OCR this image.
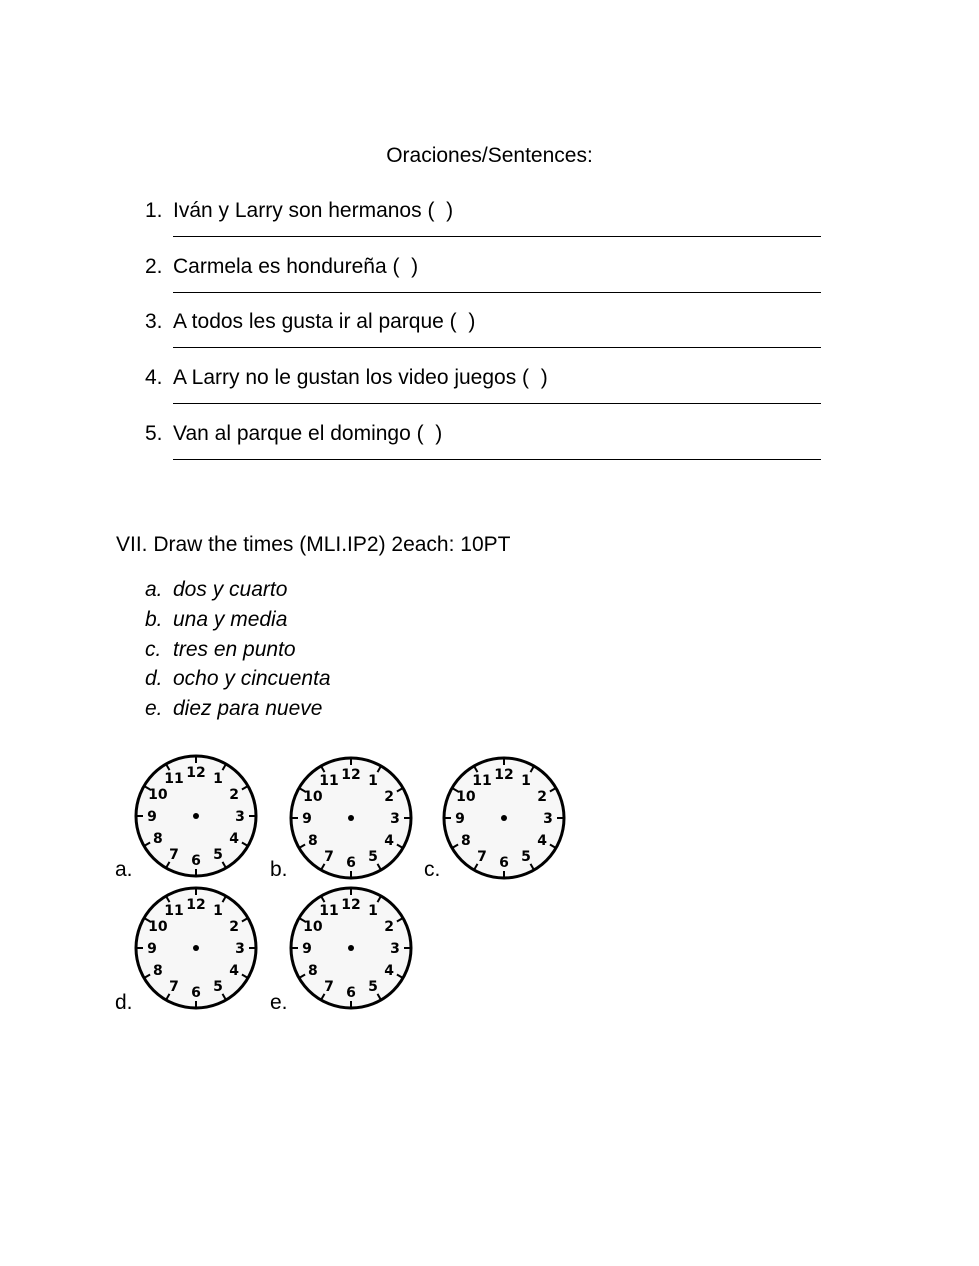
Oraciones/Sentences:
1. Iván y Larry son hermanos (  )
2. Carmela es hondureña (  )
3. A todos les gusta ir al parque (  )
4. A Larry no le gustan los video juegos (  )
5. Van al parque el domingo (  )
VII. Draw the times (MLI.IP2) 2each: 10PT
a. dos y cuarto
b. una y media
c. tres en punto
d. ocho y cincuenta
e. diez para nueve
a.
12 1
2
3
4
5
6
7
8
9
10
11
b.
12 1
2
3
4
5
6
7
8
9
10
11
c.
12 1
2
3
4
5
6
7
8
9
10
11
d.
12 1
2
3
4
5
6
7
8
9
10
11
e.
12 1
2
3
4
5
6
7
8
9
10
11
